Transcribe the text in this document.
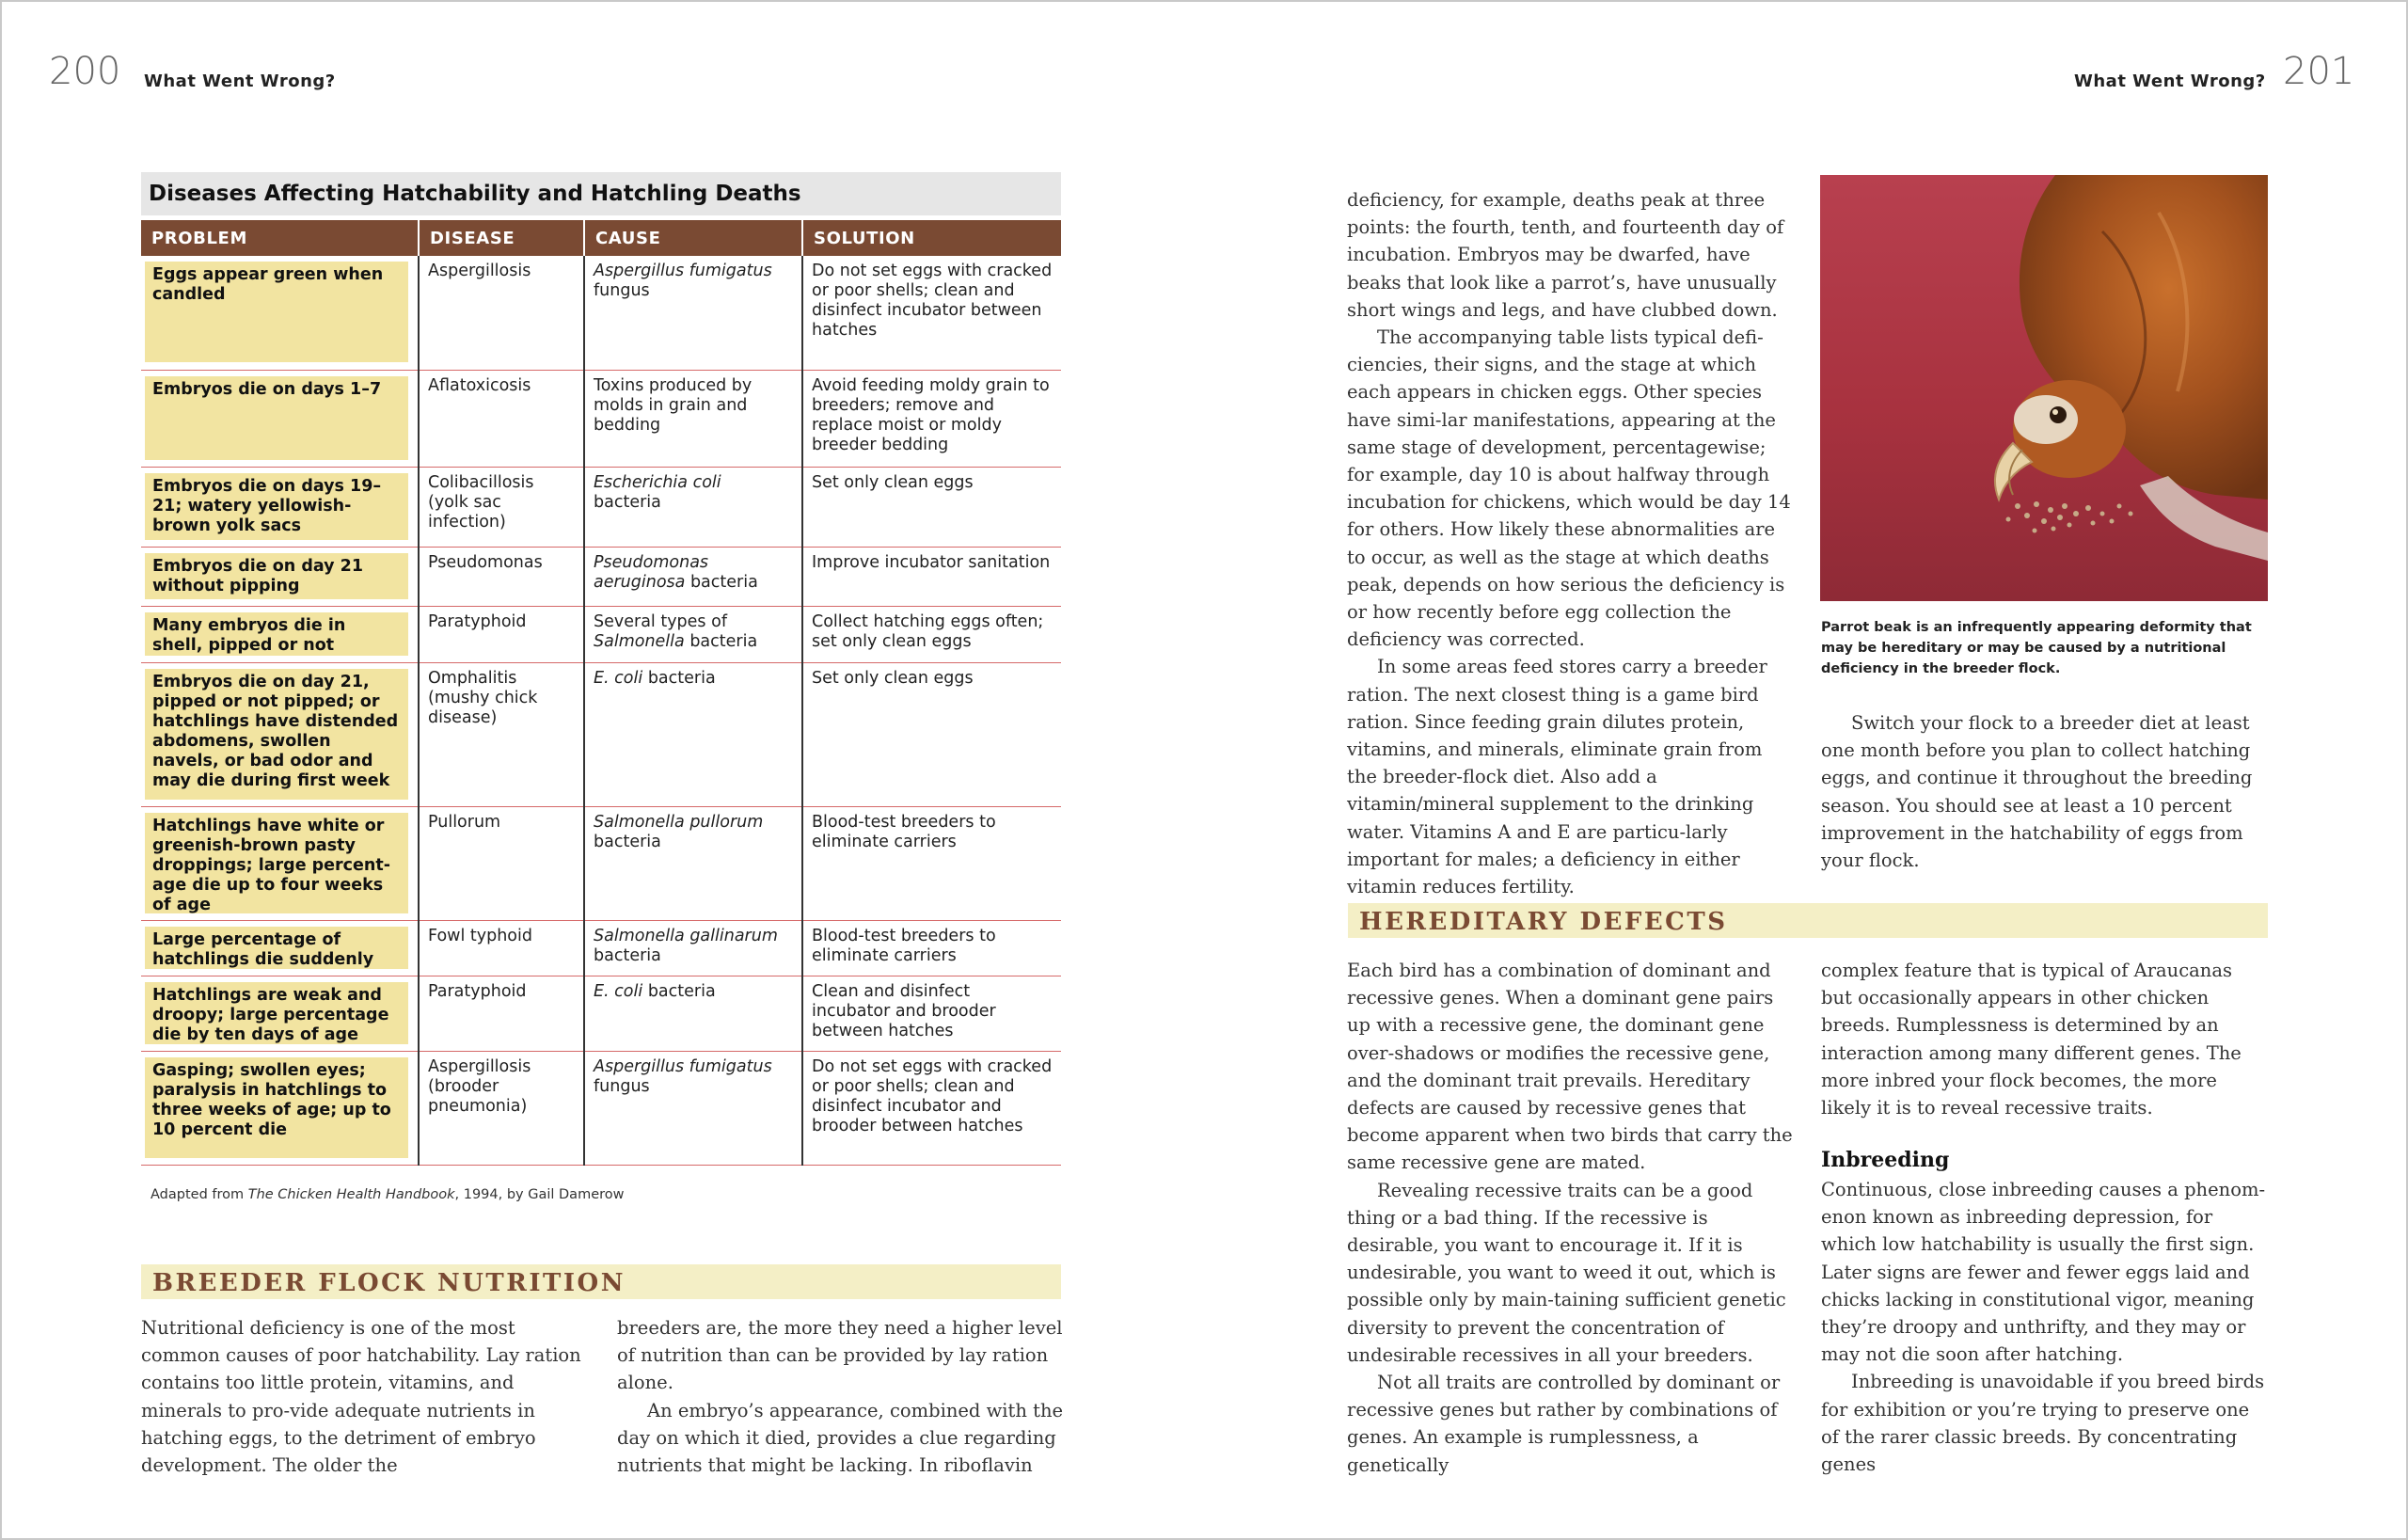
200 What Went Wrong?	What Went Wrong? 201
Diseases Affecting Hatchability and Hatchling Deaths
PROBLEM	DISEASE	CAUSE	SOLUTION

Eggs appear green when candled	Aspergillosis	Aspergillus fumigatus fungus	Do not set eggs with cracked or poor shells; clean and disinfect incubator between hatches

Embryos die on days 1–7	Aflatoxicosis	Toxins produced by molds in grain and bedding	Avoid feeding moldy grain to breeders; remove and replace moist or moldy breeder bedding

Embryos die on days 19–21; watery yellowish-brown yolk sacs	Colibacillosis (yolk sac infection)	Escherichia coli bacteria	Set only clean eggs

Embryos die on day 21 without pipping	Pseudomonas	Pseudomonas aeruginosa bacteria	Improve incubator sanitation

Many embryos die in shell, pipped or not	Paratyphoid	Several types of Salmonella bacteria	Collect hatching eggs often; set only clean eggs

Embryos die on day 21, pipped or not pipped; or hatchlings have distended abdomens, swollen navels, or bad odor and may die during first week	Omphalitis (mushy chick disease)	E. coli bacteria	Set only clean eggs

Hatchlings have white or greenish-brown pasty droppings; large percent-age die up to four weeks of age	Pullorum	Salmonella pullorum bacteria	Blood-test breeders to eliminate carriers

Large percentage of hatchlings die suddenly	Fowl typhoid	Salmonella gallinarum bacteria	Blood-test breeders to eliminate carriers

Hatchlings are weak and droopy; large percentage die by ten days of age	Paratyphoid	E. coli bacteria	Clean and disinfect incubator and brooder between hatches

Gasping; swollen eyes; paralysis in hatchlings to three weeks of age; up to 10 percent die	Aspergillosis (brooder pneumonia)	Aspergillus fumigatus fungus	Do not set eggs with cracked or poor shells; clean and disinfect incubator and brooder between hatches
Adapted from The Chicken Health Handbook, 1994, by Gail Damerow
BREEDER FLOCK NUTRITION

Nutritional deficiency is one of the most common causes of poor hatchability. Lay ration contains too little protein, vitamins, and minerals to pro-vide adequate nutrients in hatching eggs, to the detriment of embryo development. The older the

breeders are, the more they need a higher level of nutrition than can be provided by lay ration alone.

An embryo’s appearance, combined with the day on which it died, provides a clue regarding nutrients that might be lacking. In riboflavin

deficiency, for example, deaths peak at three points: the fourth, tenth, and fourteenth day of incubation. Embryos may be dwarfed, have beaks that look like a parrot’s, have unusually short wings and legs, and have clubbed down.

The accompanying table lists typical defi-ciencies, their signs, and the stage at which each appears in chicken eggs. Other species have simi-lar manifestations, appearing at the same stage of development, percentagewise; for example, day 10 is about halfway through incubation for chickens, which would be day 14 for others. How likely these abnormalities are to occur, as well as the stage at which deaths peak, depends on how serious the deficiency is or how recently before egg collection the deficiency was corrected.

In some areas feed stores carry a breeder ration. The next closest thing is a game bird ration. Since feeding grain dilutes protein, vitamins, and minerals, eliminate grain from the breeder-flock diet. Also add a vitamin/mineral supplement to the drinking water. Vitamins A and E are particu-larly important for males; a deficiency in either vitamin reduces fertility.

Parrot beak is an infrequently appearing deformity that may be hereditary or may be caused by a nutritional deficiency in the breeder flock.

Switch your flock to a breeder diet at least one month before you plan to collect hatching eggs, and continue it throughout the breeding season. You should see at least a 10 percent improvement in the hatchability of eggs from your flock.

HEREDITARY DEFECTS

Each bird has a combination of dominant and recessive genes. When a dominant gene pairs up with a recessive gene, the dominant gene over-shadows or modifies the recessive gene, and the dominant trait prevails. Hereditary defects are caused by recessive genes that become apparent when two birds that carry the same recessive gene are mated.

Revealing recessive traits can be a good thing or a bad thing. If the recessive is desirable, you want to encourage it. If it is undesirable, you want to weed it out, which is possible only by main-taining sufficient genetic diversity to prevent the concentration of undesirable recessives in all your breeders.

Not all traits are controlled by dominant or recessive genes but rather by combinations of genes. An example is rumplessness, a genetically

complex feature that is typical of Araucanas but occasionally appears in other chicken breeds. Rumplessness is determined by an interaction among many different genes. The more inbred your flock becomes, the more likely it is to reveal recessive traits.

Inbreeding

Continuous, close inbreeding causes a phenom-enon known as inbreeding depression, for which low hatchability is usually the first sign. Later signs are fewer and fewer eggs laid and chicks lacking in constitutional vigor, meaning they’re droopy and unthrifty, and they may or may not die soon after hatching.

Inbreeding is unavoidable if you breed birds for exhibition or you’re trying to preserve one of the rarer classic breeds. By concentrating genes
